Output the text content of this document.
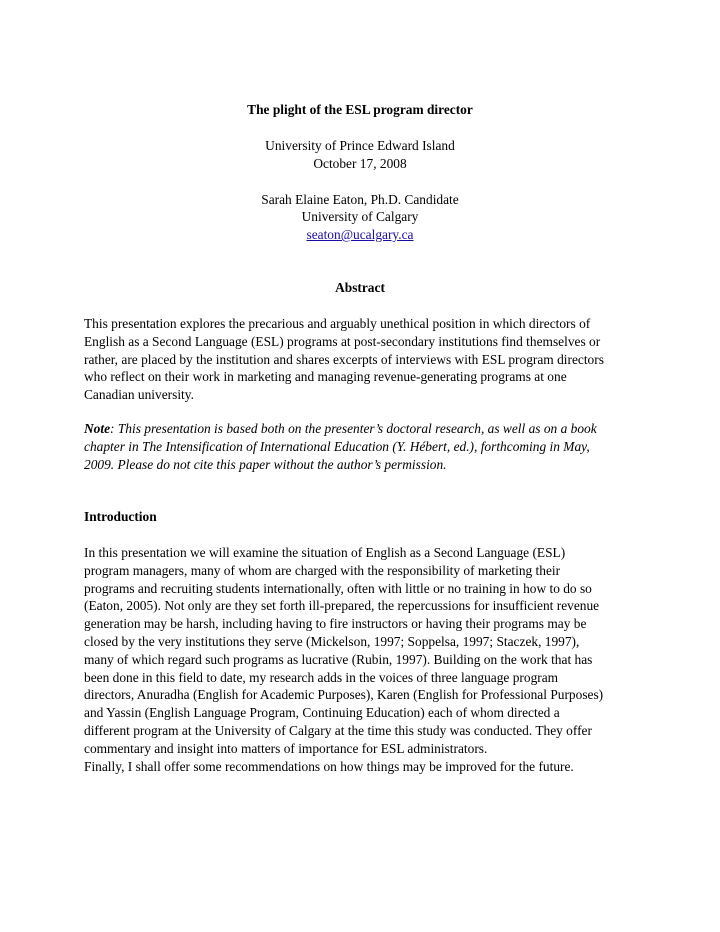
The plight of the ESL program director
University of Prince Edward Island
October 17, 2008
Sarah Elaine Eaton, Ph.D. Candidate
University of Calgary
seaton@ucalgary.ca
Abstract
This presentation explores the precarious and arguably unethical position in which directors of
English as a Second Language (ESL) programs at post-secondary institutions find themselves or
rather, are placed by the institution and shares excerpts of interviews with ESL program directors
who reflect on their work in marketing and managing revenue-generating programs at one
Canadian university.
Note: This presentation is based both on the presenter’s doctoral research, as well as on a book
chapter in The Intensification of International Education (Y. Hébert, ed.), forthcoming in May,
2009. Please do not cite this paper without the author’s permission.
Introduction
In this presentation we will examine the situation of English as a Second Language (ESL)
program managers, many of whom are charged with the responsibility of marketing their
programs and recruiting students internationally, often with little or no training in how to do so
(Eaton, 2005). Not only are they set forth ill-prepared, the repercussions for insufficient revenue
generation may be harsh, including having to fire instructors or having their programs may be
closed by the very institutions they serve (Mickelson, 1997; Soppelsa, 1997; Staczek, 1997),
many of which regard such programs as lucrative (Rubin, 1997). Building on the work that has
been done in this field to date, my research adds in the voices of three language program
directors, Anuradha (English for Academic Purposes), Karen (English for Professional Purposes)
and Yassin (English Language Program, Continuing Education) each of whom directed a
different program at the University of Calgary at the time this study was conducted. They offer
commentary and insight into matters of importance for ESL administrators.
Finally, I shall offer some recommendations on how things may be improved for the future.
